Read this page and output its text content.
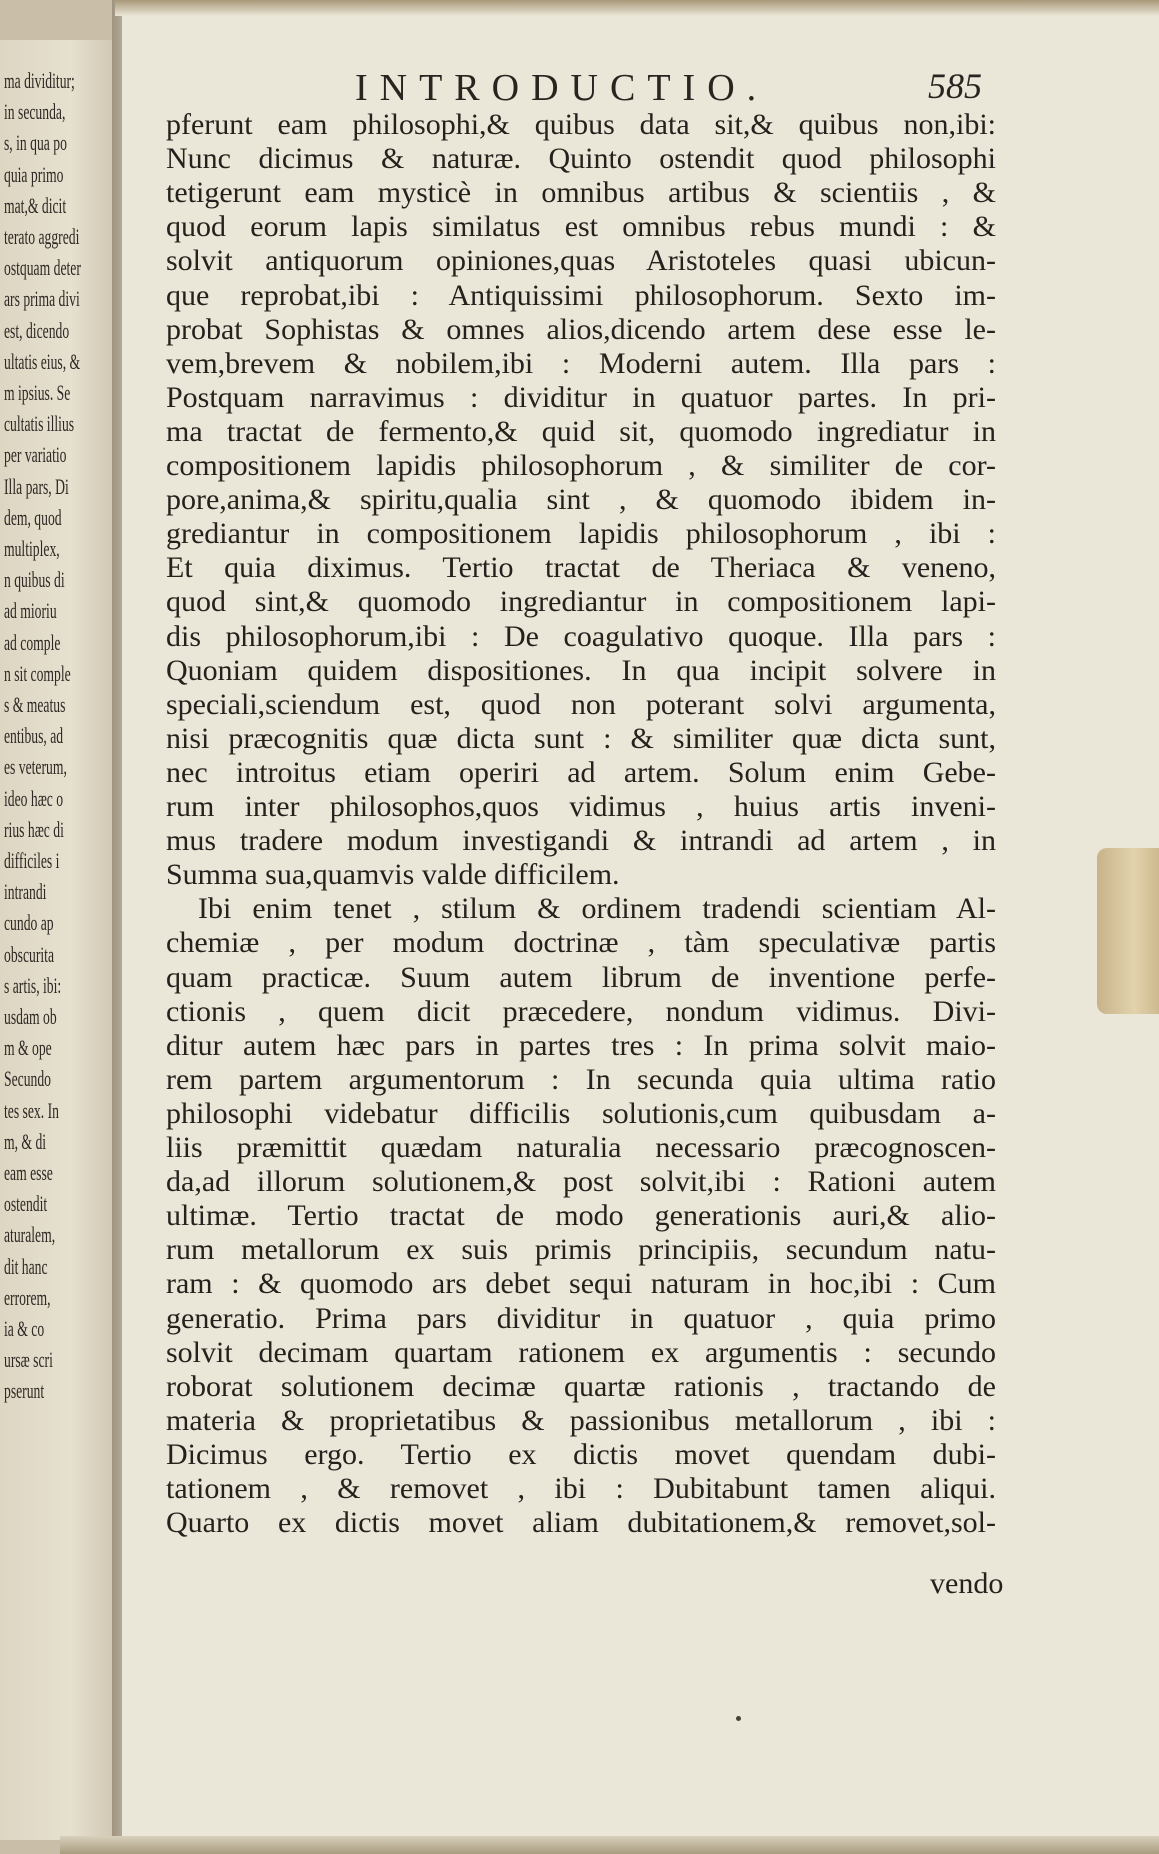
ma dividitur;
in secunda,
s, in qua po
quia primo
mat,& dicit
terato aggredi
ostquam deter
ars prima divi
est, dicendo
ultatis eius, &
m ipsius. Se
cultatis illius
per variatio
Illa pars, Di
dem, quod
multiplex,
n quibus di
ad mioriu
ad comple
n sit comple
s & meatus
entibus, ad
es veterum,
ideo hæc o
rius hæc di
difficiles i
intrandi
cundo ap
obscurita
s artis, ibi:
usdam ob
m & ope
Secundo
tes sex. In
m, & di
eam esse
ostendit
aturalem,
dit hanc
errorem,
ia & co
ursæ scri
pserunt
INTRODUCTIO.	585
pferunt eam philosophi,& quibus data sit,& quibus non,ibi:
Nunc dicimus & naturæ. Quinto ostendit quod philosophi
tetigerunt eam mysticè in omnibus artibus & scientiis , &
quod eorum lapis similatus est omnibus rebus mundi : &
solvit antiquorum opiniones,quas Aristoteles quasi ubicun-
que reprobat,ibi : Antiquissimi philosophorum. Sexto im-
probat Sophistas & omnes alios,dicendo artem dese esse le-
vem,brevem & nobilem,ibi : Moderni autem. Illa pars :
Postquam narravimus : dividitur in quatuor partes. In pri-
ma tractat de fermento,& quid sit, quomodo ingrediatur in
compositionem lapidis philosophorum , & similiter de cor-
pore,anima,& spiritu,qualia sint , & quomodo ibidem in-
grediantur in compositionem lapidis philosophorum , ibi :
Et quia diximus. Tertio tractat de Theriaca & veneno,
quod sint,& quomodo ingrediantur in compositionem lapi-
dis philosophorum,ibi : De coagulativo quoque. Illa pars :
Quoniam quidem dispositiones. In qua incipit solvere in
speciali,sciendum est, quod non poterant solvi argumenta,
nisi præcognitis quæ dicta sunt : & similiter quæ dicta sunt,
nec introitus etiam operiri ad artem. Solum enim Gebe-
rum inter philosophos,quos vidimus , huius artis inveni-
mus tradere modum investigandi & intrandi ad artem , in
Summa sua,quamvis valde difficilem.
Ibi enim tenet , stilum & ordinem tradendi scientiam Al-
chemiæ , per modum doctrinæ , tàm speculativæ partis
quam practicæ. Suum autem librum de inventione perfe-
ctionis , quem dicit præcedere, nondum vidimus. Divi-
ditur autem hæc pars in partes tres : In prima solvit maio-
rem partem argumentorum : In secunda quia ultima ratio
philosophi videbatur difficilis solutionis,cum quibusdam a-
liis præmittit quædam naturalia necessario præcognoscen-
da,ad illorum solutionem,& post solvit,ibi : Rationi autem
ultimæ. Tertio tractat de modo generationis auri,& alio-
rum metallorum ex suis primis principiis, secundum natu-
ram : & quomodo ars debet sequi naturam in hoc,ibi : Cum
generatio. Prima pars dividitur in quatuor , quia primo
solvit decimam quartam rationem ex argumentis : secundo
roborat solutionem decimæ quartæ rationis , tractando de
materia & proprietatibus & passionibus metallorum , ibi :
Dicimus ergo. Tertio ex dictis movet quendam dubi-
tationem , & removet , ibi : Dubitabunt tamen aliqui.
Quarto ex dictis movet aliam dubitationem,& removet,sol-
vendo
